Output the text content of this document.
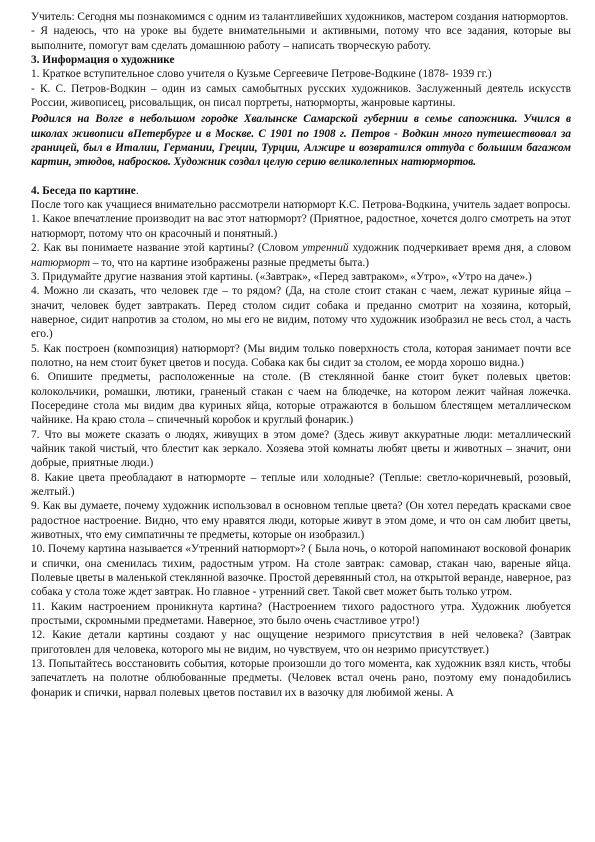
Учитель: Сегодня мы познакомимся с одним из талантливейших художников, мастером создания натюрмортов.

- Я надеюсь, что на уроке вы будете внимательными и активными, потому что все задания, которые вы выполните, помогут вам сделать домашнюю работу – написать творческую работу.

3. Информация о художнике

1. Краткое вступительное слово учителя о Кузьме Сергеевиче Петрове-Водкине (1878- 1939 гг.)

- К. С. Петров-Водкин – один из самых самобытных русских художников. Заслуженный деятель искусств России, живописец, рисовальщик, он писал портреты, натюрморты, жанровые картины.

Родился на Волге в небольшом городке Хвалынске Самарской губернии в семье сапожника. Учился в школах живописи вПетербурге и в Москве. С 1901 по 1908 г. Петров - Водкин много путешествовал за границей, был в Италии, Германии, Греции, Турции, Алжире и возвратился оттуда с большим багажом картин, этюдов, набросков. Художник создал целую серию великолепных натюрмортов.

4. Беседа по картине.

После того как учащиеся внимательно рассмотрели натюрморт К.С. Петрова-Водкина, учитель задает вопросы.

1. Какое впечатление производит на вас этот натюрморт? (Приятное, радостное, хочется долго смотреть на этот натюрморт, потому что он красочный и понятный.)

2. Как вы понимаете название этой картины? (Словом утренний художник подчеркивает время дня, а словом натюрморт – то, что на картине изображены разные предметы быта.)

3. Придумайте другие названия этой картины. («Завтрак», «Перед завтраком», «Утро», «Утро на даче».)

4. Можно ли сказать, что человек где – то рядом? (Да, на столе стоит стакан с чаем, лежат куриные яйца – значит, человек будет завтракать. Перед столом сидит собака и преданно смотрит на хозяина, который, наверное, сидит напротив за столом, но мы его не видим, потому что художник изобразил не весь стол, а часть его.)

5. Как построен (композиция) натюрморт? (Мы видим только поверхность стола, которая занимает почти все полотно, на нем стоит букет цветов и посуда. Собака как бы сидит за столом, ее морда хорошо видна.)

6. Опишите предметы, расположенные на столе. (В стеклянной банке стоит букет полевых цветов: колокольчики, ромашки, лютики, граненый стакан с чаем на блюдечке, на котором лежит чайная ложечка. Посередине стола мы видим два куриных яйца, которые отражаются в большом блестящем металлическом чайнике. На краю стола – спичечный коробок и круглый фонарик.)

7. Что вы можете сказать о людях, живущих в этом доме? (Здесь живут аккуратные люди: металлический чайник такой чистый, что блестит как зеркало. Хозяева этой комнаты любят цветы и животных – значит, они добрые, приятные люди.)

8. Какие цвета преобладают в натюрморте – теплые или холодные? (Теплые: светло-коричневый, розовый, желтый.)

9. Как вы думаете, почему художник использовал в основном теплые цвета? (Он хотел передать красками свое радостное настроение. Видно, что ему нравятся люди, которые живут в этом доме, и что он сам любит цветы, животных, что ему симпатичны те предметы, которые он изобразил.)

10. Почему картина называется «Утренний натюрморт»? ( Была ночь, о которой напоминают восковой фонарик и спички, она сменилась тихим, радостным утром. На столе завтрак: самовар, стакан чаю, вареные яйца. Полевые цветы в маленькой стеклянной вазочке. Простой деревянный стол, на открытой веранде, наверное, раз собака у стола тоже ждет завтрак. Но главное - утренний свет. Такой свет может быть только утром.

11. Каким настроением проникнута картина? (Настроением тихого радостного утра. Художник любуется простыми, скромными предметами. Наверное, это было очень счастливое утро!)

12. Какие детали картины создают у нас ощущение незримого присутствия в ней человека? (Завтрак приготовлен для человека, которого мы не видим, но чувствуем, что он незримо присутствует.)

13. Попытайтесь восстановить события, которые произошли до того момента, как художник взял кисть, чтобы запечатлеть на полотне облюбованные предметы. (Человек встал очень рано, поэтому ему понадобились фонарик и спички, нарвал полевых цветов поставил их в вазочку для любимой жены. А
